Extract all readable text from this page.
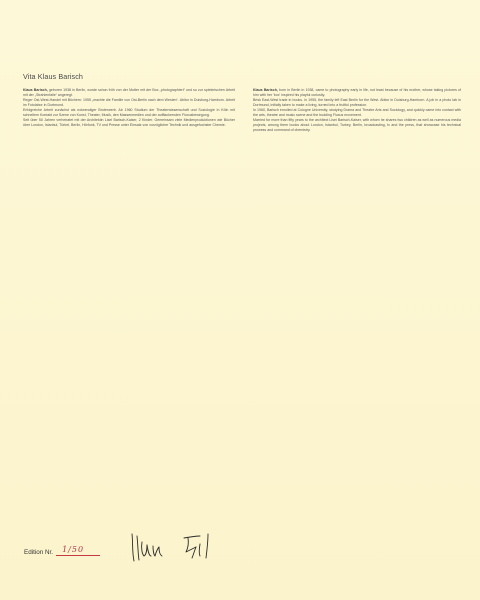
Vita Klaus Barisch

Klaus Barisch, geboren 1938 in Berlin, wurde schon früh von der Mutter mit der Box „photographiert“ und so zur spielerischen Arbeit mit der „Strahlenfalle“ angeregt.

Reger Ost-West-Handel mit Büchern: 1955 „machte die Familie von Ost-Berlin nach dem Westen“. Abitur in Duisburg-Hamborn. Arbeit im Fotolabor in Dortmund.

Erfolgreiche Arbeit zunächst als notwendiger Broterwerb. Ab 1960 Studium der Theaterwissenschaft und Soziologie in Köln mit schnellem Kontakt zur Szene von Kunst, Theater, Musik, den Massenmedien und der aufflackernden Fluxusbewegung.

Seit über 50 Jahren verheiratet mit der Architektin Lisei Barisch-Kaiser, 2 Kinder. Gemeinsam viele Medienproduktionen wie Bücher über London, Istanbul, Türkei, Berlin, Hörfunk, TV und Presse unter Einsatz von vorzüglicher Technik und ausgefuchster Chemie.

Klaus Barisch, born in Berlin in 1938, came to photography early in life, not least because of his mother, whose taking pictures of him with her 'box' inspired his playful curiosity.

Brisk East-West trade in books. In 1955, the family left East Berlin for the West. Abitur in Duisburg-Hamborn. A job in a photo lab in Dortmund, initially taken to make a living, turned into a fruitful profession.

In 1960, Barisch enrolled at Cologne University, studying Drama and Theatre Arts and Sociology, and quickly came into contact with the arts, theatre and music scene and the budding Fluxus movement.

Married for more than fifty years to the architect Lisei Barisch-Kaiser, with whom he shares two children as well as numerous media projects, among them books about London, Istanbul, Turkey, Berlin, broadcasting, tv and the press, that showcase his technical prowess and command of chemistry.

Edition Nr. 1/50
